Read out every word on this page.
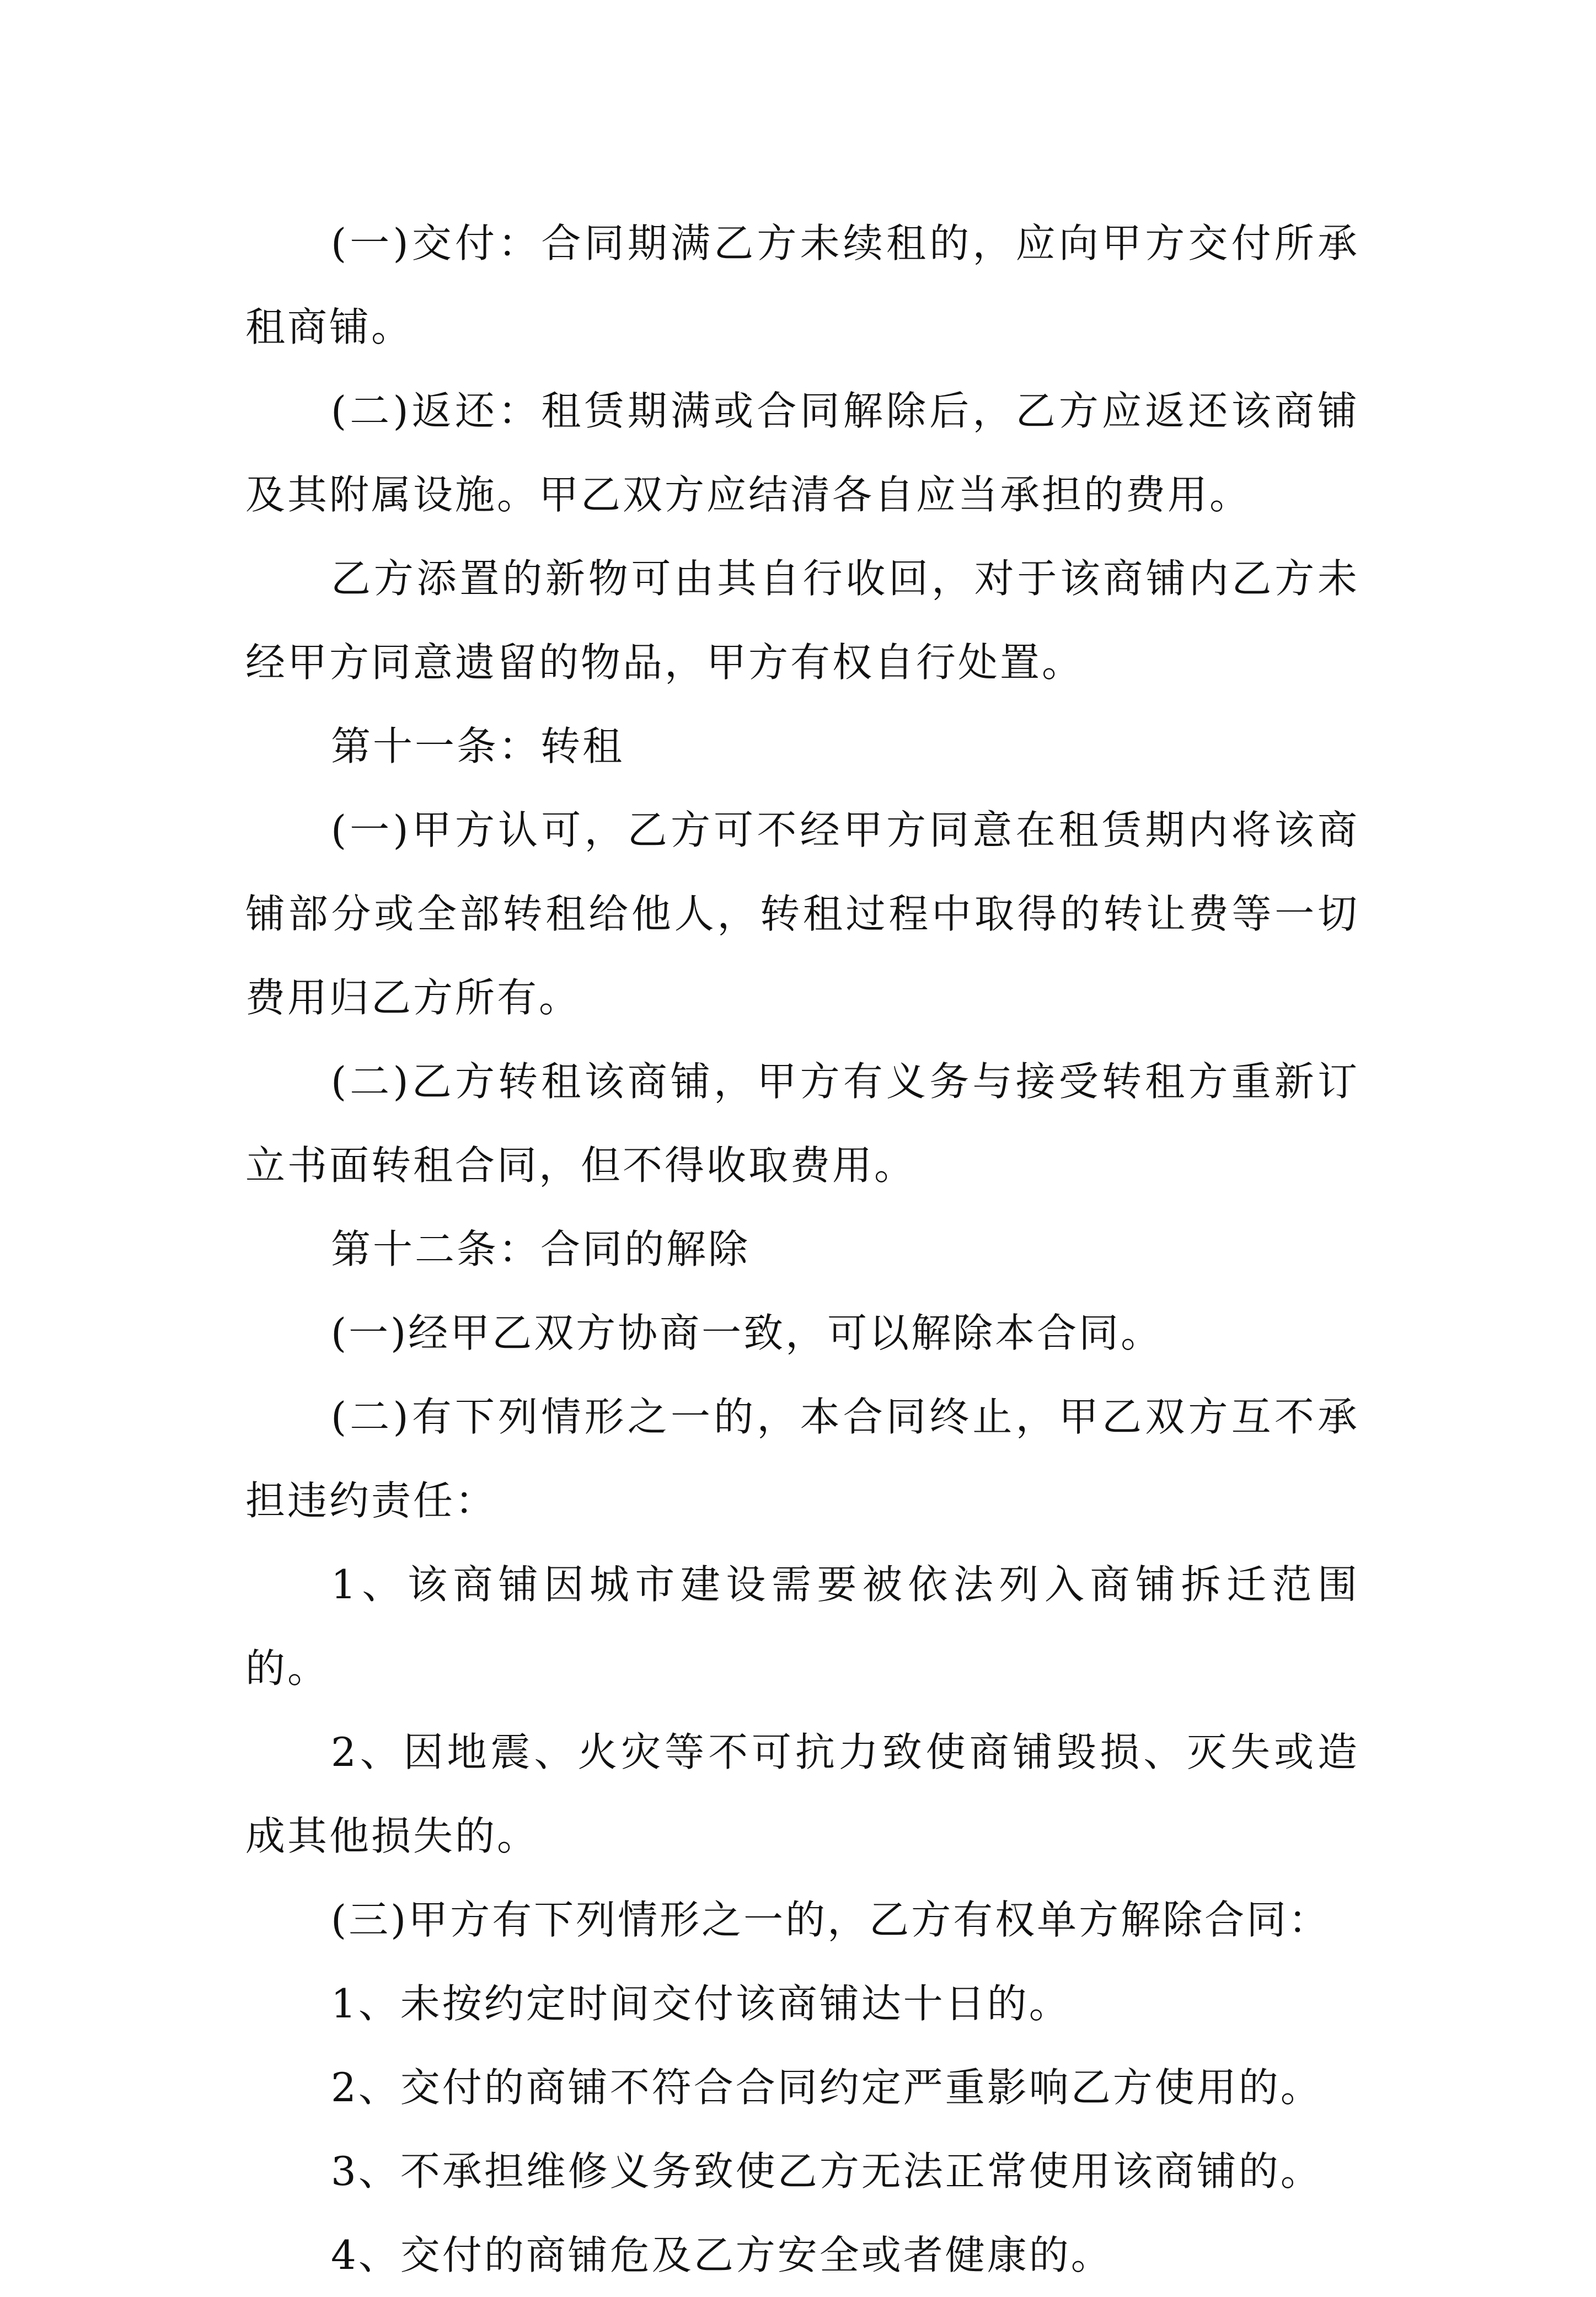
(一)交付：合同期满乙方未续租的，应向甲方交付所承租商铺。

(二)返还：租赁期满或合同解除后，乙方应返还该商铺及其附属设施。甲乙双方应结清各自应当承担的费用。

乙方添置的新物可由其自行收回，对于该商铺内乙方未经甲方同意遗留的物品，甲方有权自行处置。

第十一条：转租

(一)甲方认可，乙方可不经甲方同意在租赁期内将该商铺部分或全部转租给他人，转租过程中取得的转让费等一切费用归乙方所有。

(二)乙方转租该商铺，甲方有义务与接受转租方重新订立书面转租合同，但不得收取费用。

第十二条：合同的解除

(一)经甲乙双方协商一致，可以解除本合同。

(二)有下列情形之一的，本合同终止，甲乙双方互不承担违约责任：

1、该商铺因城市建设需要被依法列入商铺拆迁范围的。

2、因地震、火灾等不可抗力致使商铺毁损、灭失或造成其他损失的。

(三)甲方有下列情形之一的，乙方有权单方解除合同：

1、未按约定时间交付该商铺达十日的。

2、交付的商铺不符合合同约定严重影响乙方使用的。

3、不承担维修义务致使乙方无法正常使用该商铺的。

4、交付的商铺危及乙方安全或者健康的。
